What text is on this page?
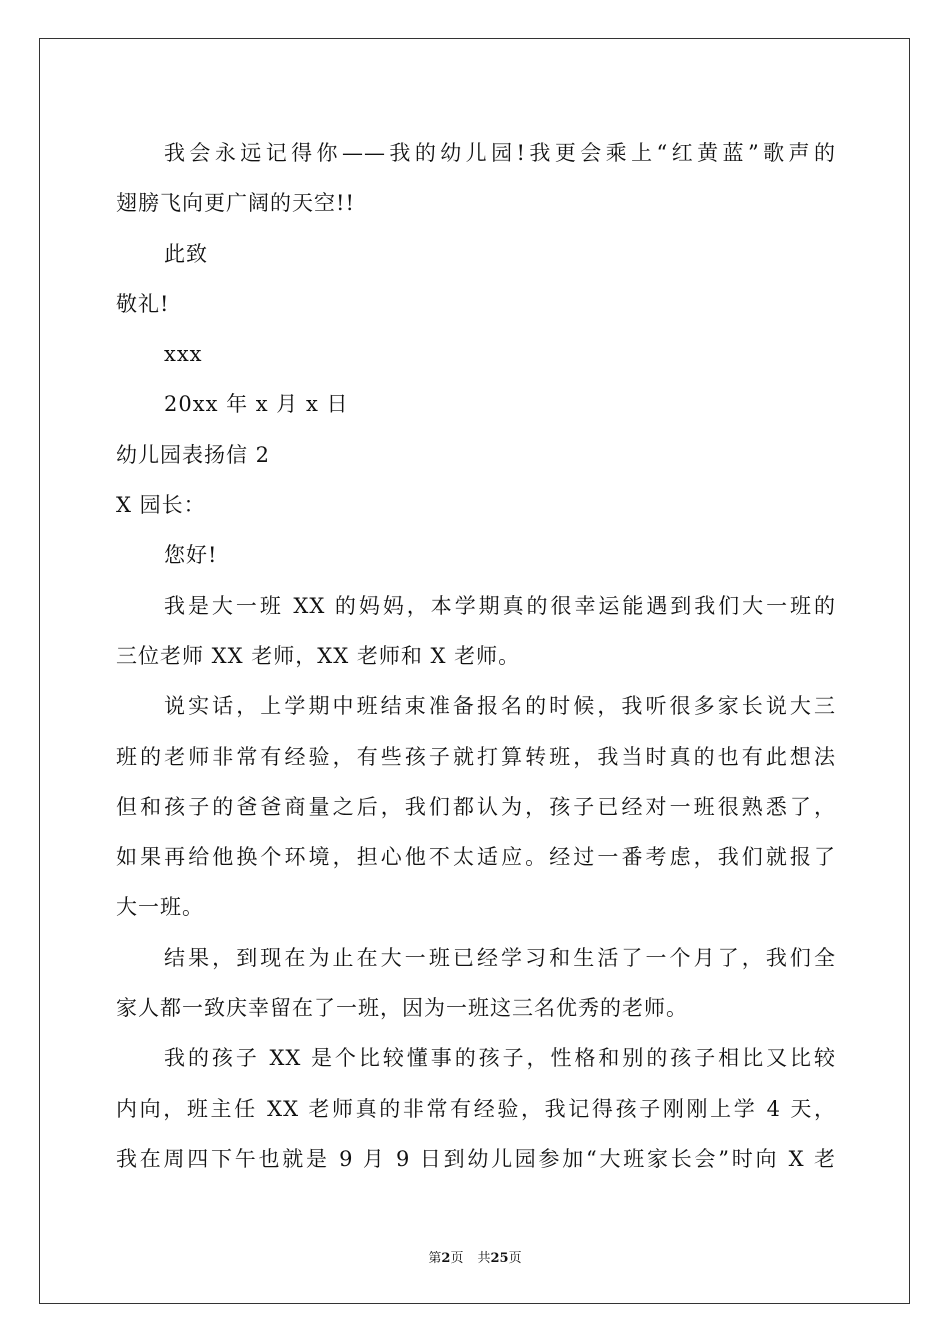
我会永远记得你——我的幼儿园!我更会乘上“红黄蓝”歌声的
翅膀飞向更广阔的天空!!
此致
敬礼!
xxx
20xx 年 x 月 x 日
幼儿园表扬信 2
X 园长：
您好!
我是大一班 XX 的妈妈，本学期真的很幸运能遇到我们大一班的
三位老师 XX 老师，XX 老师和 X 老师。
说实话，上学期中班结束准备报名的时候，我听很多家长说大三
班的老师非常有经验，有些孩子就打算转班，我当时真的也有此想法
但和孩子的爸爸商量之后，我们都认为，孩子已经对一班很熟悉了，
如果再给他换个环境，担心他不太适应。经过一番考虑，我们就报了
大一班。
结果，到现在为止在大一班已经学习和生活了一个月了，我们全
家人都一致庆幸留在了一班，因为一班这三名优秀的老师。
我的孩子 XX 是个比较懂事的孩子，性格和别的孩子相比又比较
内向，班主任 XX 老师真的非常有经验，我记得孩子刚刚上学 4 天，
我在周四下午也就是 9 月 9 日到幼儿园参加“大班家长会”时向 X 老
第2页 共25页
